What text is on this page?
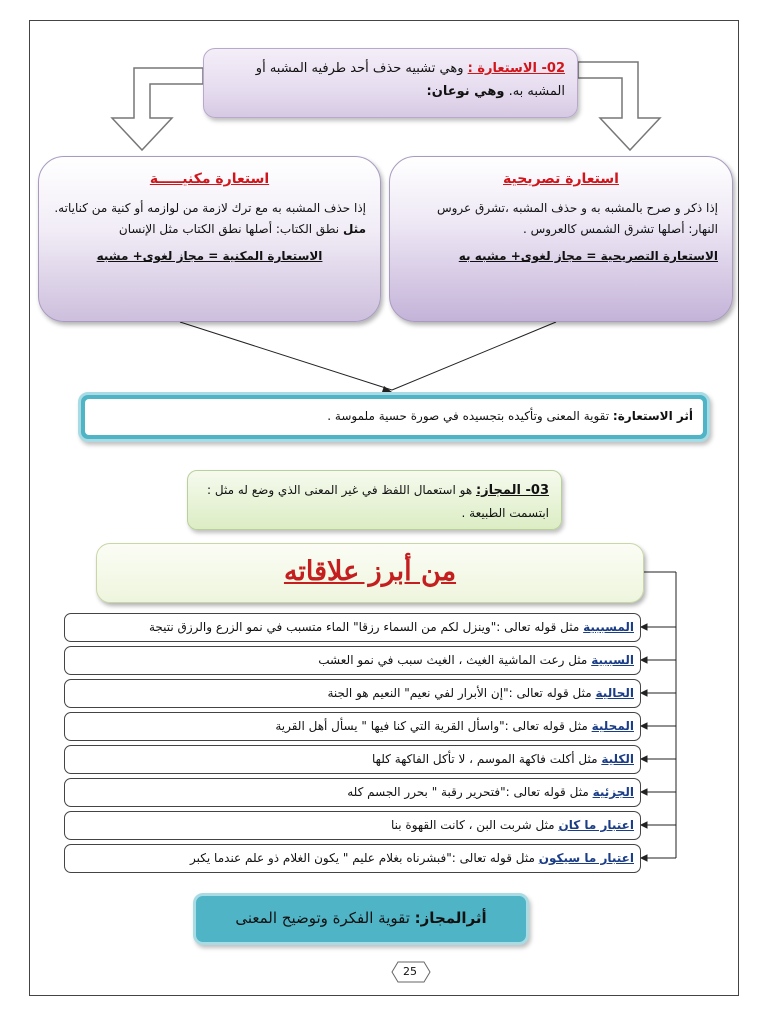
02- الاستعارة : وهي تشبيه حذف أحد طرفيه المشبه أو المشبه به. وهي نوعان:
استعارة مكنيـــــة
إذا حذف المشبه به مع ترك لازمة من لوازمه أو كنية من كناياته. مثل نطق الكتاب: أصلها نطق الكتاب مثل الإنسان
الاستعارة المكنية = مجاز لغوى+ مشبه
استعارة تصريحية
إذا ذكر و صرح بالمشبه به و حذف المشبه ،تشرق عروس النهار: أصلها تشرق الشمس كالعروس .
الاستعارة التصريحية = مجاز لغوى+ مشبه به
أثر الاستعارة: تقوية المعنى وتأكيده بتجسيده في صورة حسية ملموسة .
03- المجاز: هو استعمال اللفظ في غير المعنى الذي وضع له مثل : ابتسمت الطبيعة .
من أبرز علاقاته
المسببية مثل قوله تعالى :"وينزل لكم من السماء رزقا" الماء متسبب في نمو الزرع والرزق نتيجة
السببية مثل رعت الماشية الغيث ، الغيث سبب في نمو العشب
الحالية مثل قوله تعالى :"إن الأبرار لفي نعيم" النعيم هو الجنة
المحلية مثل قوله تعالى :"واسأل القرية التي كنا فيها " يسأل أهل القرية
الكلية مثل أكلت فاكهة الموسم ، لا تأكل الفاكهة كلها
الجزئية مثل قوله تعالى :"فتحرير رقبة " بحرر الجسم كله
اعتبار ما كان مثل شربت البن ، كانت القهوة بنا
اعتبار ما سيكون مثل قوله تعالى :"فبشرناه بغلام عليم " يكون الغلام ذو علم عندما يكبر
أثرالمجاز: تقوية الفكرة وتوضيح المعنى
25
